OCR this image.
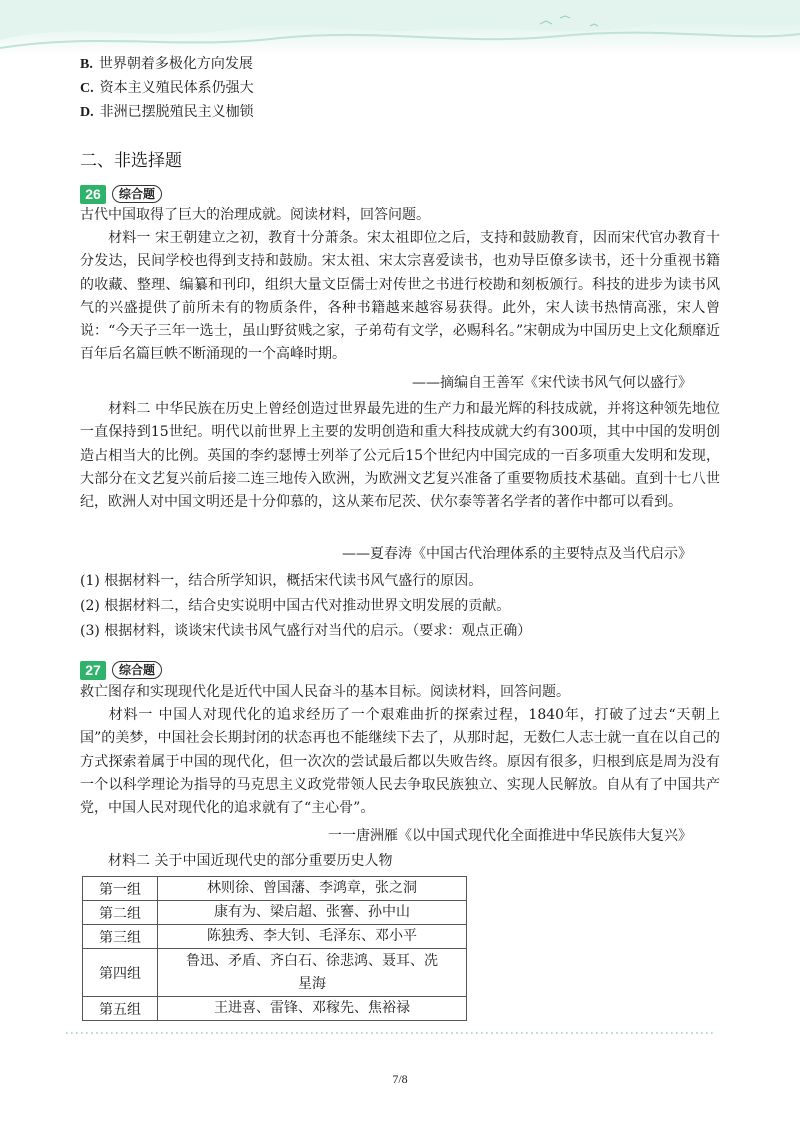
B. 世界朝着多极化方向发展
C. 资本主义殖民体系仍强大
D. 非洲已摆脱殖民主义枷锁
二、非选择题
26	综合题
古代中国取得了巨大的治理成就。阅读材料，回答问题。
材料一 宋王朝建立之初，教育十分萧条。宋太祖即位之后，支持和鼓励教育，因而宋代官办教育十分发达，民间学校也得到支持和鼓励。宋太祖、宋太宗喜爱读书，也劝导臣僚多读书，还十分重视书籍的收藏、整理、编纂和刊印，组织大量文臣儒士对传世之书进行校勘和刻板颁行。科技的进步为读书风气的兴盛提供了前所未有的物质条件，各种书籍越来越容易获得。此外，宋人读书热情高涨，宋人曾说：“今天子三年一选士，虽山野贫贱之家，子弟苟有文学，必赐科名。”宋朝成为中国历史上文化颓靡近百年后名篇巨帙不断涌现的一个高峰时期。
——摘编自王善军《宋代读书风气何以盛行》
材料二 中华民族在历史上曾经创造过世界最先进的生产力和最光辉的科技成就，并将这种领先地位一直保持到15世纪。明代以前世界上主要的发明创造和重大科技成就大约有300项，其中中国的发明创造占相当大的比例。英国的李约瑟博士列举了公元后15个世纪内中国完成的一百多项重大发明和发现，大部分在文艺复兴前后接二连三地传入欧洲，为欧洲文艺复兴准备了重要物质技术基础。直到十七八世纪，欧洲人对中国文明还是十分仰慕的，这从莱布尼茨、伏尔泰等著名学者的著作中都可以看到。
——夏春涛《中国古代治理体系的主要特点及当代启示》
(1) 根据材料一，结合所学知识，概括宋代读书风气盛行的原因。
(2) 根据材料二，结合史实说明中国古代对推动世界文明发展的贡献。
(3) 根据材料，谈谈宋代读书风气盛行对当代的启示。（要求：观点正确）
27	综合题
救亡图存和实现现代化是近代中国人民奋斗的基本目标。阅读材料，回答问题。
材料一 中国人对现代化的追求经历了一个艰难曲折的探索过程，1840年，打破了过去“天朝上国”的美梦，中国社会长期封闭的状态再也不能继续下去了，从那时起，无数仁人志士就一直在以自己的方式探索着属于中国的现代化，但一次次的尝试最后都以失败告终。原因有很多，归根到底是周为没有一个以科学理论为指导的马克思主义政党带领人民去争取民族独立、实现人民解放。自从有了中国共产党，中国人民对现代化的追求就有了“主心骨”。
一一唐洲雁《以中国式现代化全面推进中华民族伟大复兴》
材料二 关于中国近现代史的部分重要历史人物
第一组	林则徐、曾国藩、李鸿章，张之洞
第二组	康有为、梁启超、张謇、孙中山
第三组	陈独秀、李大钊、毛泽东、邓小平
第四组	鲁迅、矛盾、齐白石、徐悲鸿、聂耳、冼星海
第五组	王进喜、雷锋、邓稼先、焦裕禄
7/8
